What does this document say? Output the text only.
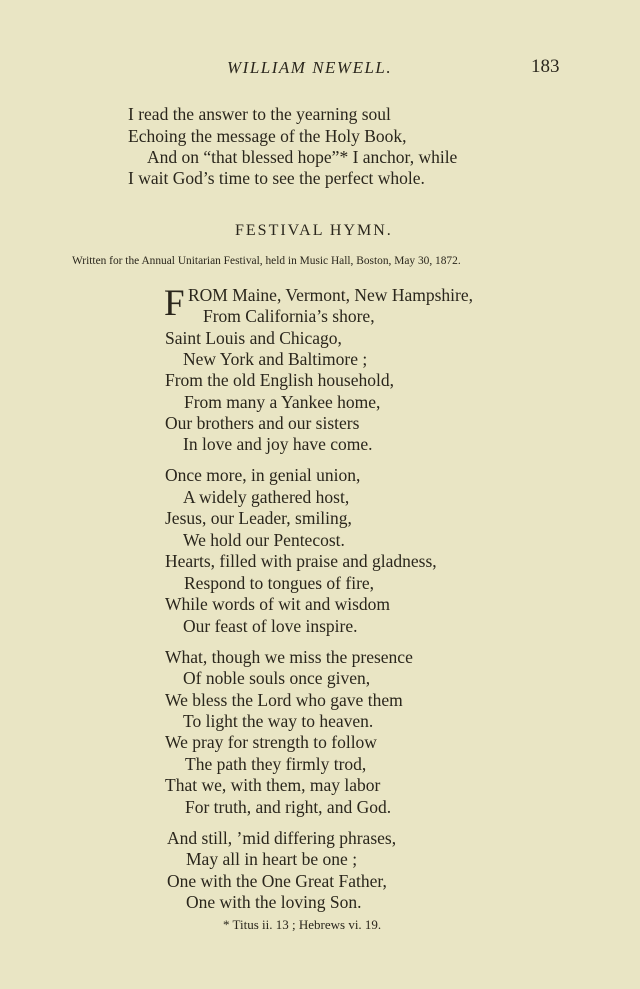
WILLIAM NEWELL.	183
I read the answer to the yearning soul
Echoing the message of the Holy Book,
And on “that blessed hope”* I anchor, while
I wait God’s time to see the perfect whole.
FESTIVAL HYMN.
Written for the Annual Unitarian Festival, held in Music Hall, Boston, May 30, 1872.
F ROM Maine, Vermont, New Hampshire,
From California’s shore,
Saint Louis and Chicago,
New York and Baltimore ;
From the old English household,
From many a Yankee home,
Our brothers and our sisters
In love and joy have come.
Once more, in genial union,
A widely gathered host,
Jesus, our Leader, smiling,
We hold our Pentecost.
Hearts, filled with praise and gladness,
Respond to tongues of fire,
While words of wit and wisdom
Our feast of love inspire.
What, though we miss the presence
Of noble souls once given,
We bless the Lord who gave them
To light the way to heaven.
We pray for strength to follow
The path they firmly trod,
That we, with them, may labor
For truth, and right, and God.
And still, ’mid differing phrases,
May all in heart be one ;
One with the One Great Father,
One with the loving Son.
* Titus ii. 13 ; Hebrews vi. 19.
